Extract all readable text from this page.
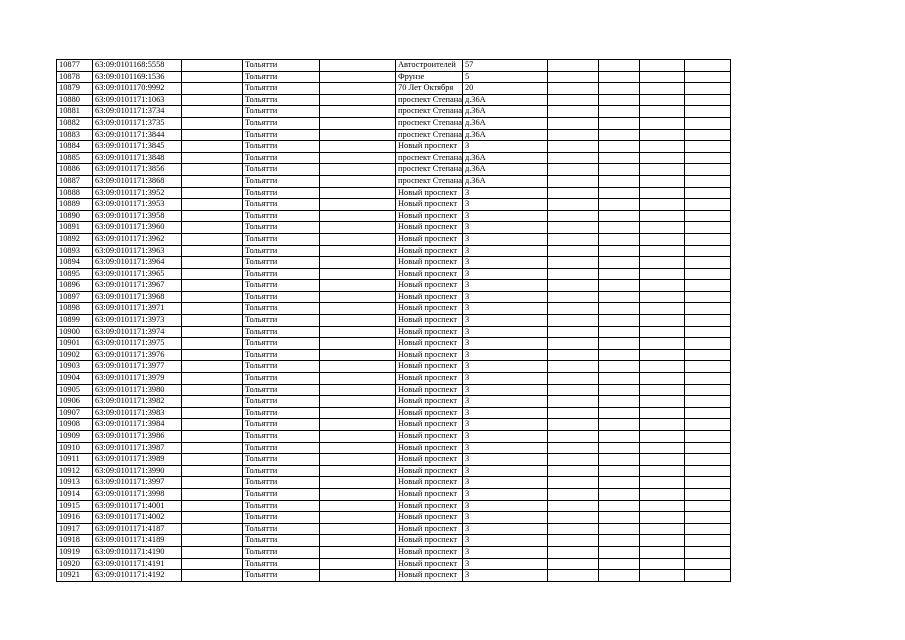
10877	63:09:0101168:5558		Тольятти		Автостроителей	57				
10878	63:09:0101169:1536		Тольятти		Фрунзе	5				
10879	63:09:0101170:9992		Тольятти		70 Лет Октября	20				
10880	63:09:0101171:1063		Тольятти		проспект Степана	д.36А				
10881	63:09:0101171:3734		Тольятти		проспект Степана	д.36А				
10882	63:09:0101171:3735		Тольятти		проспект Степана	д.36А				
10883	63:09:0101171:3844		Тольятти		проспект Степана	д.36А				
10884	63:09:0101171:3845		Тольятти		Новый проспект	3				
10885	63:09:0101171:3848		Тольятти		проспект Степана	д.36А				
10886	63:09:0101171:3856		Тольятти		проспект Степана	д.36А				
10887	63:09:0101171:3868		Тольятти		проспект Степана	д.36А				
10888	63:09:0101171:3952		Тольятти		Новый проспект	3				
10889	63:09:0101171:3953		Тольятти		Новый проспект	3				
10890	63:09:0101171:3958		Тольятти		Новый проспект	3				
10891	63:09:0101171:3960		Тольятти		Новый проспект	3				
10892	63:09:0101171:3962		Тольятти		Новый проспект	3				
10893	63:09:0101171:3963		Тольятти		Новый проспект	3				
10894	63:09:0101171:3964		Тольятти		Новый проспект	3				
10895	63:09:0101171:3965		Тольятти		Новый проспект	3				
10896	63:09:0101171:3967		Тольятти		Новый проспект	3				
10897	63:09:0101171:3968		Тольятти		Новый проспект	3				
10898	63:09:0101171:3971		Тольятти		Новый проспект	3				
10899	63:09:0101171:3973		Тольятти		Новый проспект	3				
10900	63:09:0101171:3974		Тольятти		Новый проспект	3				
10901	63:09:0101171:3975		Тольятти		Новый проспект	3				
10902	63:09:0101171:3976		Тольятти		Новый проспект	3				
10903	63:09:0101171:3977		Тольятти		Новый проспект	3				
10904	63:09:0101171:3979		Тольятти		Новый проспект	3				
10905	63:09:0101171:3980		Тольятти		Новый проспект	3				
10906	63:09:0101171:3982		Тольятти		Новый проспект	3				
10907	63:09:0101171:3983		Тольятти		Новый проспект	3				
10908	63:09:0101171:3984		Тольятти		Новый проспект	3				
10909	63:09:0101171:3986		Тольятти		Новый проспект	3				
10910	63:09:0101171:3987		Тольятти		Новый проспект	3				
10911	63:09:0101171:3989		Тольятти		Новый проспект	3				
10912	63:09:0101171:3990		Тольятти		Новый проспект	3				
10913	63:09:0101171:3997		Тольятти		Новый проспект	3				
10914	63:09:0101171:3998		Тольятти		Новый проспект	3				
10915	63:09:0101171:4001		Тольятти		Новый проспект	3				
10916	63:09:0101171:4002		Тольятти		Новый проспект	3				
10917	63:09:0101171:4187		Тольятти		Новый проспект	3				
10918	63:09:0101171:4189		Тольятти		Новый проспект	3				
10919	63:09:0101171:4190		Тольятти		Новый проспект	3				
10920	63:09:0101171:4191		Тольятти		Новый проспект	3				
10921	63:09:0101171:4192		Тольятти		Новый проспект	3				
